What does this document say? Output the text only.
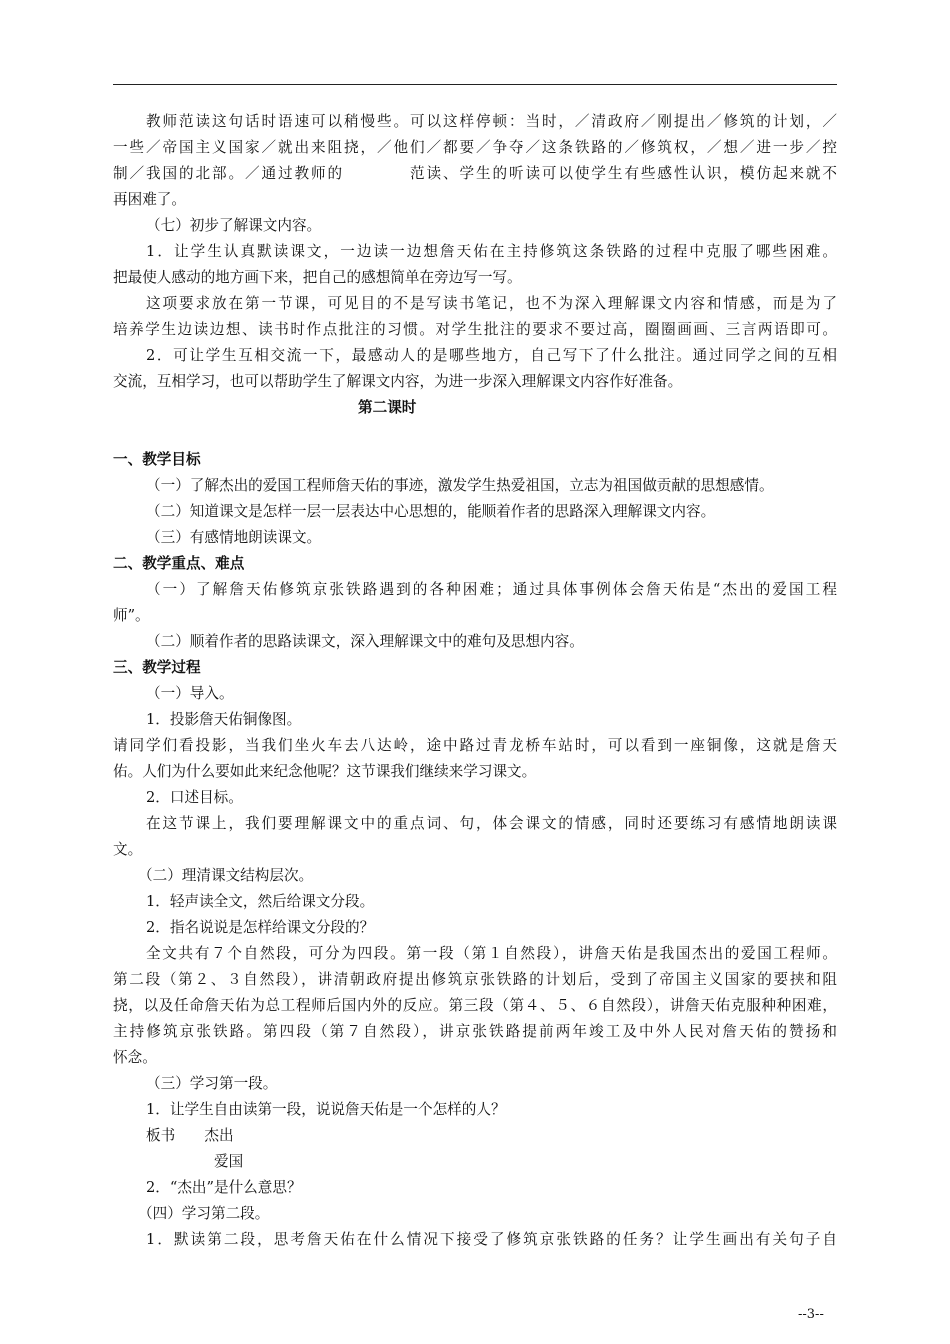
教师范读这句话时语速可以稍慢些。可以这样停顿：当时，／清政府／刚提出／修筑的计划，／
一些／帝国主义国家／就出来阻挠，／他们／都要／争夺／这条铁路的／修筑权，／想／进一步／控
制／我国的北部。／通过教师的　　　　范读、学生的听读可以使学生有些感性认识，模仿起来就不
再困难了。
（七）初步了解课文内容。
1．让学生认真默读课文，一边读一边想詹天佑在主持修筑这条铁路的过程中克服了哪些困难。
把最使人感动的地方画下来，把自己的感想简单在旁边写一写。
这项要求放在第一节课，可见目的不是写读书笔记，也不为深入理解课文内容和情感，而是为了
培养学生边读边想、读书时作点批注的习惯。对学生批注的要求不要过高，圈圈画画、三言两语即可。
2．可让学生互相交流一下，最感动人的是哪些地方，自己写下了什么批注。通过同学之间的互相
交流，互相学习，也可以帮助学生了解课文内容，为进一步深入理解课文内容作好准备。
第二课时
一、教学目标
（一）了解杰出的爱国工程师詹天佑的事迹，激发学生热爱祖国，立志为祖国做贡献的思想感情。
（二）知道课文是怎样一层一层表达中心思想的，能顺着作者的思路深入理解课文内容。
（三）有感情地朗读课文。
二、教学重点、难点
（一）了解詹天佑修筑京张铁路遇到的各种困难；通过具体事例体会詹天佑是“杰出的爱国工程
师”。
（二）顺着作者的思路读课文，深入理解课文中的难句及思想内容。
三、教学过程
（一）导入。
1．投影詹天佑铜像图。
请同学们看投影，当我们坐火车去八达岭，途中路过青龙桥车站时，可以看到一座铜像，这就是詹天
佑。人们为什么要如此来纪念他呢？这节课我们继续来学习课文。
2．口述目标。
在这节课上，我们要理解课文中的重点词、句，体会课文的情感，同时还要练习有感情地朗读课
文。
（二）理清课文结构层次。
1．轻声读全文，然后给课文分段。
2．指名说说是怎样给课文分段的？
全文共有７个自然段，可分为四段。第一段（第１自然段），讲詹天佑是我国杰出的爱国工程师。
第二段（第２、３自然段），讲清朝政府提出修筑京张铁路的计划后，受到了帝国主义国家的要挟和阻
挠，以及任命詹天佑为总工程师后国内外的反应。第三段（第４、５、６自然段），讲詹天佑克服种种困难，
主持修筑京张铁路。第四段（第７自然段），讲京张铁路提前两年竣工及中外人民对詹天佑的赞扬和
怀念。
（三）学习第一段。
1．让学生自由读第一段，说说詹天佑是一个怎样的人？
板书　　杰出
爱国
2．“杰出”是什么意思？
（四）学习第二段。
1．默读第二段，思考詹天佑在什么情况下接受了修筑京张铁路的任务？让学生画出有关句子自
--3--
